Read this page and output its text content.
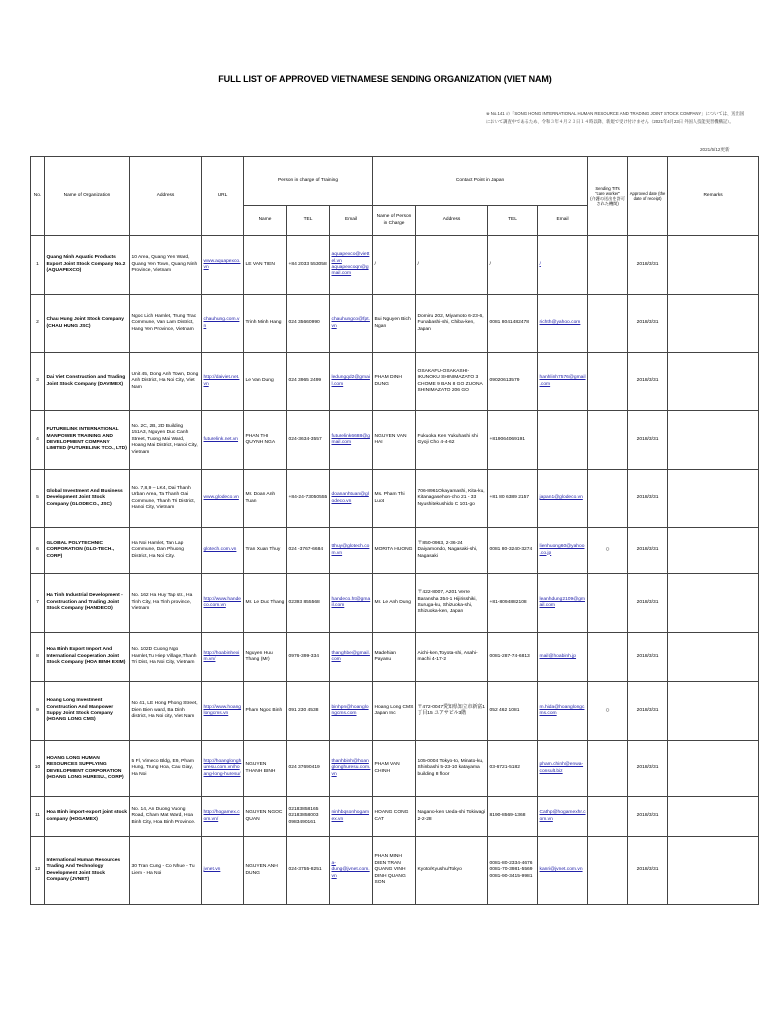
FULL LIST OF APPROVED VIETNAMESE SENDING ORGANIZATION (VIET NAM)
※ No.141 の「SONG HONG INTERNATIONAL HUMAN RESOURCE AND TRADING JOINT STOCK COMPANY」については、送出国において調査中であるため、令和３年４月２３日１４時以降、新規で受け付けません（2021年4月23日 外国人技能実習機構記）。
2021/5/12更新
No.	Name of Organization	Address	URL	Person in charge of Training			Contact Point in Japan				Sending TITs
"care worker"
(介護の送出を許可された機関)	Approved date (the date of receipt)	Remarks
				Name	TEL	Email	Name of Person in Charge	Address	TEL	Email			
1	Quang Ninh Aquatic Products Export Joint Stock Company No.2 (AQUAPEXCO)	10 Area, Quang Yen Ward, Quang Yen Town, Quang Ninh Province, Vietnam	www.aquapexco.vn	LE VAN TIEN	+84 2033 553058	aquapexco@viettel.vn aquapexcoqn@gmail.com	/	/	/	/		2018/3/31	
2	Chau Hung Joint Stock Company (CHAU HUNG JSC)	Ngoc Lich Hamlet, Trung Trac Commune, Van Lam District, Hang Yen Province, Vietnam	chauhung.com.vn	Trinh Minh Hang	024 35660990	chauhungco@fpt.vn	Bui Nguyen Bich Ngan	Domiru 202, Miyamoto 6-23-6, Funabashi-shi, Chiba-ken, Japan	0081 8041482478	richth@yahoo.com		2018/3/31	
3	Dai Viet Construction and Trading Joint Stock Company (DAVIMEX)	Unit 45, Dong Anh Town, Dong Anh District, Ha Noi City, Viet Nam	http://daiviet.net.vn	Le Van Dung	024 3965 2499	ledungqd2@gmail.com	PHAM DINH DUNG	OSAKAFU-OSAKASHI-IKUNOKU SHINIMAZATO 3 CHOME 9 BAN 8 GO ZUONA SHINIMAZATO 206 GO	09020613579	hanhlinh7576@gmail.com		2018/3/31	
4	FUTURELINK INTERNATIONAL MANPOWER TRAINING AND DEVELOPMENT COMPANY LIMITED (FUTURELINK TCO., LTD)	No. 2C, 2B, 2D Building 151A3, Nguyen Duc Canh Street, Tuong Mai Ward, Hoang Mai District, Hanoi City, Vietnam	futurelink.net.vn	PHAN THI QUYNH NGA	024-3634-3557	futurelink6688@gmail.com	NGUYEN VAN HAI	Fukuoka Ken Yukuhashi shi Gyoji Cho 4-4-62	+819064069191			2018/3/31	
5	Global Investment And Business Development Joint Stock Company (GLODECO., JSC)	No. 7,8,9 – LK4, Dai Thanh Urban Area, Ta Thanh Oai Commune, Thanh Tri District, Hanoi City, Vietnam	www.glodeco.vn	Mr. Doan Anh Tuan	+84-24-73050555	doananhtuan@glodeco.vn	Ms. Pham Thi Luot	706-8961Okayamashi, Kita-ku, Kitanagasehon-cho 21 - 33 Nyushitekushido C 101-go	+81 80 6389 2157	japan1@glodeco.vn		2018/3/31	
6	GLOBAL POLYTECHNIC CORPORATION (GLO-TECH., CORP)	Ha Noi Hamlet, Tan Lap Commune, Dan Phuong District, Ha Noi City.	glotech.com.vn	Tran Xuan Thuy	024 -3767-6684	tthuy@glotech.com.vn	MORITA HUONG	〒850-0963, 2-36-24 Daiyamondo, Nagasaki-shi, Nagasaki	0081 80-3240-3274	lienhuong60@yahoo.co.jp	○	2018/3/31	
7	Ha Tinh Industrial Development - Construction and Trading Joint Stock Company (HANDECO)	No. 162 Ha Huy Tap str., Ha Tinh City, Ha Tinh province, Vietnam	http://www.handeco.com.vn	Mr. Le Duc Thang	02393 855568	handeco.ht@gmail.com	Mr. Le Anh Dung	〒422-8007, A201 Verre Baransha 354-1 Hijirisshiki, Suruga-ku, Shizuoka-shi, Shizuoka-ken, Japan	+81-8094882108	leanhdung2109@gmail.com		2018/3/31	
8	Hoa Binh Export Import And International Cooperation Joint Stock Company (HOA BINH EXIM)	No. 102D Cuong Ngo Hamlet,Tu Hiep Village,Thanh Tri Dist, Ha Noi City, Vietnam	http://hoabinhexim.vn/	Nguyen Huu Thang (Mr)	0976-399-334	thanghbe@gmail.com	Madehian Payanu	Aichi-ken,Toyota-shi, Asahi-machi 4-17-2	0081-287-74-6813	mail@hoabinh.jp		2018/3/31	
9	Hoang Long Investment Construction And Manpower Suppy Joint Stock Company (HOANG LONG CMS)	No 41, LE Hong Phong Street, Dien Bien ward, Ba Dinh district, Ha Noi city, Viet Nam	http://www.hoanglongcms.vn	Pham Ngoc Binh	091 230 4538	binhpn@hoanglongcms.com	Hoang Long CMS Japan Inc	〒472-0047愛知県知立市新富1丁目15 ユアサビル3階	052 462 1081	m.hida@hoanglongcms.com	○	2018/3/31	
10	HOANG LONG HUMAN RESOURCES SUPPLYING DEVELOPMENT CORPORATION (HOANG LONG HURESU., CORP)	5 Fl, Vimeco Bldg, E9, Pham Hung, Trung Hoa, Cau Giay, Ha Noi	http://hoanglonghuresu.com.vn/hoang-long-huresu/	NGUYEN THANH BINH	024 37690419	thanhbinh@hoanglonghuresu.com.vn	PHAM VAN CHINH	105-0004 Tokyo-to, Minato-ku, Shinbashi 5-23-10 katayama building 8 floor	03-6721-5182	pham.chinh@enwa-consult.biz		2018/3/31	
11	Hoa Binh import-export joint stock company (HOGAMEX)	No. 14, An Duong Vuong Road, Cham Mat Ward, Hoa Binh City, Hoa Binh Province.	http://hogamex.com.vn/	NGUYEN NGOC QUAN	02183858165 02183858003 0983490161	ninhbqsonhogamex.vn	HOANG CONG CAT	Nagano-ken Ueda-shi Tokiwagi 2-2-28	8190-8569-1368	Cathp@hogamexhr.com.vn		2018/3/31	
12	International Human Resources Trading And Technology Development Joint Stock Company (JVNET)	30 Tran Cung - Co Nhue - Tu Liem - Ha Noi	jvnet.vn	NGUYEN ANH DUNG	024-3755-8251	a-dung@jvnet.com.vn	PHAN MINH DIEN TRAN QUANG VINH DINH QUANG SON	Kyoto/Kyushu/Tokyo	0081-80-2334-4676 0081-70-3981-5569 0081-90-3415-9981	kanri@jvnet.com.vn		2018/3/31	
